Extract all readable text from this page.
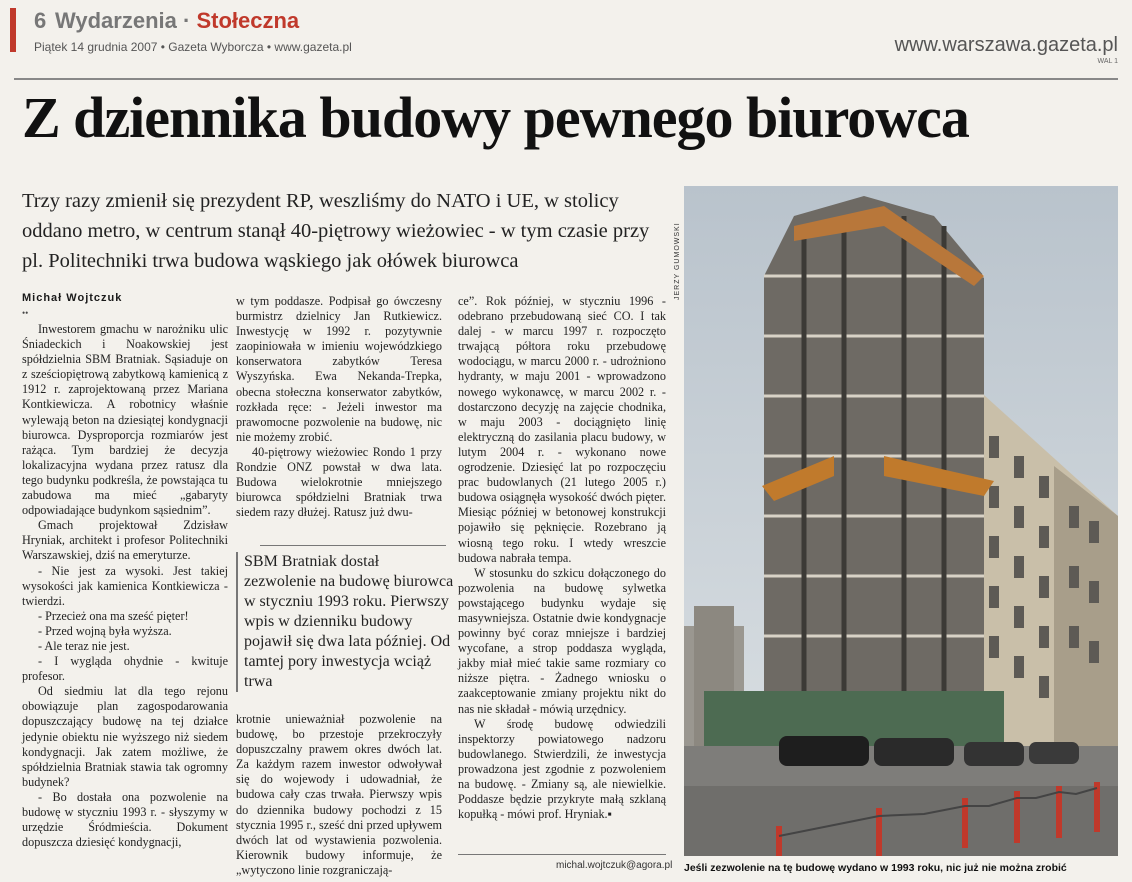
6 Wydarzenia · Stołeczna
Piątek 14 grudnia 2007 • Gazeta Wyborcza • www.gazeta.pl	www.warszawa.gazeta.pl
WAL 1
Z dziennika budowy pewnego biurowca
Trzy razy zmienił się prezydent RP, weszliśmy do NATO i UE, w stolicy oddano metro, w centrum stanął 40-piętrowy wieżowiec - w tym czasie przy pl. Politechniki trwa budowa wąskiego jak ołówek biurowca
Michał Wojtczuk
••

Inwestorem gmachu w narożniku ulic Śniadeckich i Noakowskiej jest spółdzielnia SBM Bratniak. Sąsiaduje on z sześciopiętrową zabytkową kamienicą z 1912 r. zaprojektowaną przez Mariana Kontkiewicza. A robotnicy właśnie wylewają beton na dziesiątej kondygnacji biurowca. Dysproporcja rozmiarów jest rażąca. Tym bardziej że decyzja lokalizacyjna wydana przez ratusz dla tego budynku podkreśla, że powstająca tu zabudowa ma mieć „gabaryty odpowiadające budynkom sąsiednim”.

Gmach projektował Zdzisław Hryniak, architekt i profesor Politechniki Warszawskiej, dziś na emeryturze.

- Nie jest za wysoki. Jest takiej wysokości jak kamienica Kontkiewicza - twierdzi.

- Przecież ona ma sześć pięter!

- Przed wojną była wyższa.

- Ale teraz nie jest.

- I wygląda ohydnie - kwituje profesor.

Od siedmiu lat dla tego rejonu obowiązuje plan zagospodarowania dopuszczający budowę na tej działce jedynie obiektu nie wyższego niż siedem kondygnacji. Jak zatem możliwe, że spółdzielnia Bratniak stawia tak ogromny budynek?

- Bo dostała ona pozwolenie na budowę w styczniu 1993 r. - słyszymy w urzędzie Śródmieścia. Dokument dopuszcza dziesięć kondygnacji,

w tym poddasze. Podpisał go ówczesny burmistrz dzielnicy Jan Rutkiewicz. Inwestycję w 1992 r. pozytywnie zaopiniowała w imieniu wojewódzkiego konserwatora zabytków Teresa Wyszyńska. Ewa Nekanda-Trepka, obecna stołeczna konserwator zabytków, rozkłada ręce: - Jeżeli inwestor ma prawomocne pozwolenie na budowę, nic nie możemy zrobić.

40-piętrowy wieżowiec Rondo 1 przy Rondzie ONZ powstał w dwa lata. Budowa wielokrotnie mniejszego biurowca spółdzielni Bratniak trwa siedem razy dłużej. Ratusz już dwu-

SBM Bratniak dostał zezwolenie na budowę biurowca w styczniu 1993 roku. Pierwszy wpis w dzienniku budowy pojawił się dwa lata później. Od tamtej pory inwestycja wciąż trwa

krotnie unieważniał pozwolenie na budowę, bo przestoje przekroczyły dopuszczalny prawem okres dwóch lat. Za każdym razem inwestor odwoływał się do wojewody i udowadniał, że budowa cały czas trwała. Pierwszy wpis do dziennika budowy pochodzi z 15 stycznia 1995 r., sześć dni przed upływem dwóch lat od wystawienia pozwolenia. Kierownik budowy informuje, że „wytyczono linie rozgraniczają-

ce”. Rok później, w styczniu 1996 - odebrano przebudowaną sieć CO. I tak dalej - w marcu 1997 r. rozpoczęto trwającą półtora roku przebudowę wodociągu, w marcu 2000 r. - udrożniono hydranty, w maju 2001 - wprowadzono nowego wykonawcę, w marcu 2002 r. - dostarczono decyzję na zajęcie chodnika, w maju 2003 - dociągnięto linię elektryczną do zasilania placu budowy, w lutym 2004 r. - wykonano nowe ogrodzenie. Dziesięć lat po rozpoczęciu prac budowlanych (21 lutego 2005 r.) budowa osiągnęła wysokość dwóch pięter. Miesiąc później w betonowej konstrukcji pojawiło się pęknięcie. Rozebrano ją wiosną tego roku. I wtedy wreszcie budowa nabrała tempa.

W stosunku do szkicu dołączonego do pozwolenia na budowę sylwetka powstającego budynku wydaje się masywniejsza. Ostatnie dwie kondygnacje powinny być coraz mniejsze i bardziej wycofane, a strop poddasza wygląda, jakby miał mieć takie same rozmiary co niższe piętra. - Żadnego wniosku o zaakceptowanie zmiany projektu nikt do nas nie składał - mówią urzędnicy.

W środę budowę odwiedzili inspektorzy powiatowego nadzoru budowlanego. Stwierdzili, że inwestycja prowadzona jest zgodnie z pozwoleniem na budowę. - Zmiany są, ale niewielkie. Poddasze będzie przykryte małą szklaną kopułką - mówi prof. Hryniak.▪

michal.wojtczuk@agora.pl
JERZY GUMOWSKI
Jeśli zezwolenie na tę budowę wydano w 1993 roku, nic już nie można zrobić
